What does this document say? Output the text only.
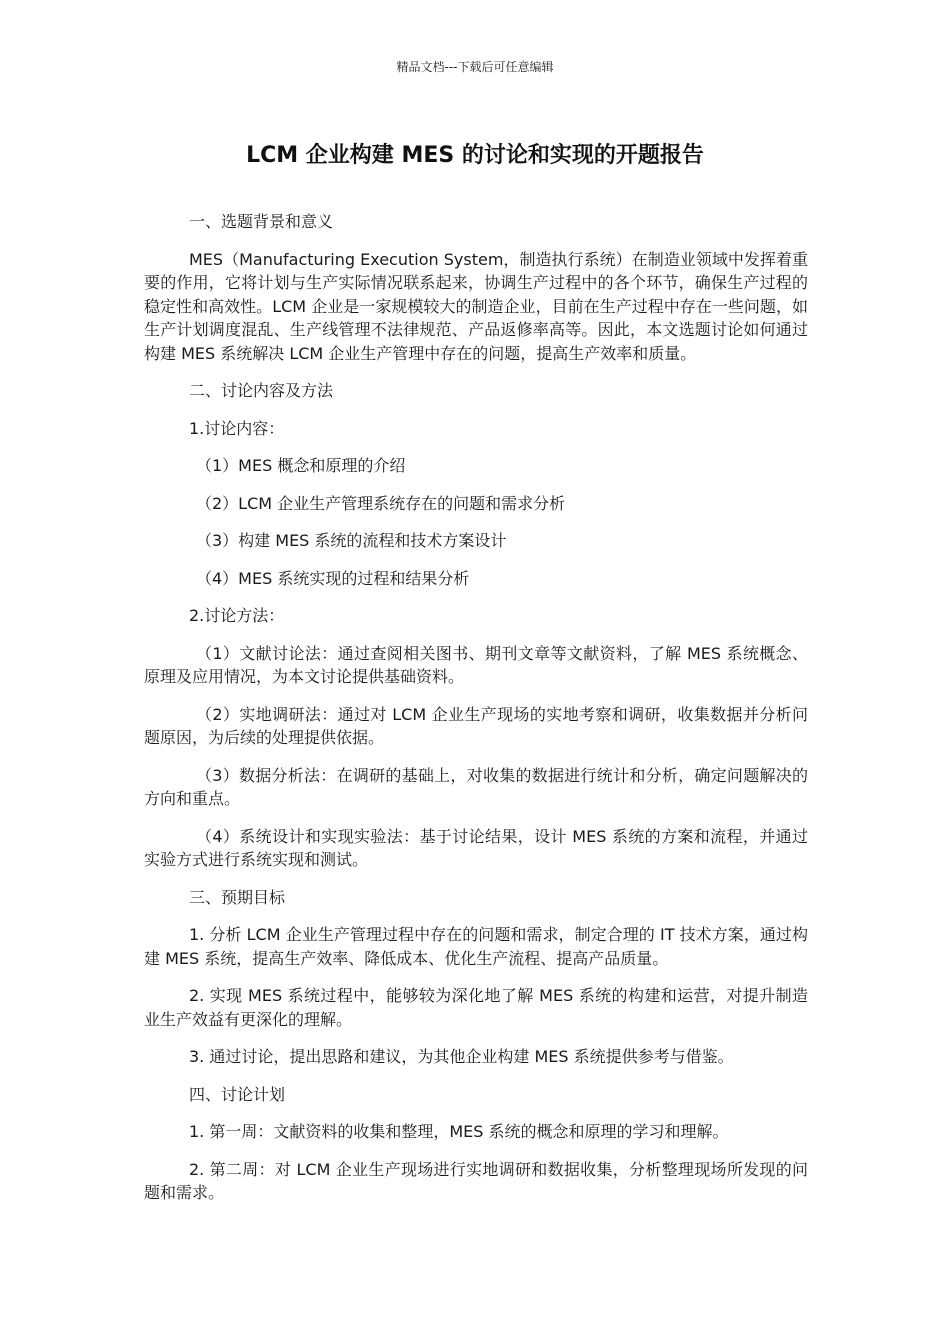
精品文档---下载后可任意编辑
LCM 企业构建 MES 的讨论和实现的开题报告

一、选题背景和意义

MES（Manufacturing Execution System，制造执行系统）在制造业领域中发挥着重要的作用，它将计划与生产实际情况联系起来，协调生产过程中的各个环节，确保生产过程的稳定性和高效性。LCM 企业是一家规模较大的制造企业，目前在生产过程中存在一些问题，如生产计划调度混乱、生产线管理不法律规范、产品返修率高等。因此，本文选题讨论如何通过构建 MES 系统解决 LCM 企业生产管理中存在的问题，提高生产效率和质量。

二、讨论内容及方法

1.讨论内容：

（1）MES 概念和原理的介绍

（2）LCM 企业生产管理系统存在的问题和需求分析

（3）构建 MES 系统的流程和技术方案设计

（4）MES 系统实现的过程和结果分析

2.讨论方法：

（1）文献讨论法：通过查阅相关图书、期刊文章等文献资料，了解 MES 系统概念、原理及应用情况，为本文讨论提供基础资料。

（2）实地调研法：通过对 LCM 企业生产现场的实地考察和调研，收集数据并分析问题原因，为后续的处理提供依据。

（3）数据分析法：在调研的基础上，对收集的数据进行统计和分析，确定问题解决的方向和重点。

（4）系统设计和实现实验法：基于讨论结果，设计 MES 系统的方案和流程，并通过实验方式进行系统实现和测试。

三、预期目标

1. 分析 LCM 企业生产管理过程中存在的问题和需求，制定合理的 IT 技术方案，通过构建 MES 系统，提高生产效率、降低成本、优化生产流程、提高产品质量。

2. 实现 MES 系统过程中，能够较为深化地了解 MES 系统的构建和运营，对提升制造业生产效益有更深化的理解。

3. 通过讨论，提出思路和建议，为其他企业构建 MES 系统提供参考与借鉴。

四、讨论计划

1. 第一周：文献资料的收集和整理，MES 系统的概念和原理的学习和理解。

2. 第二周：对 LCM 企业生产现场进行实地调研和数据收集，分析整理现场所发现的问题和需求。
